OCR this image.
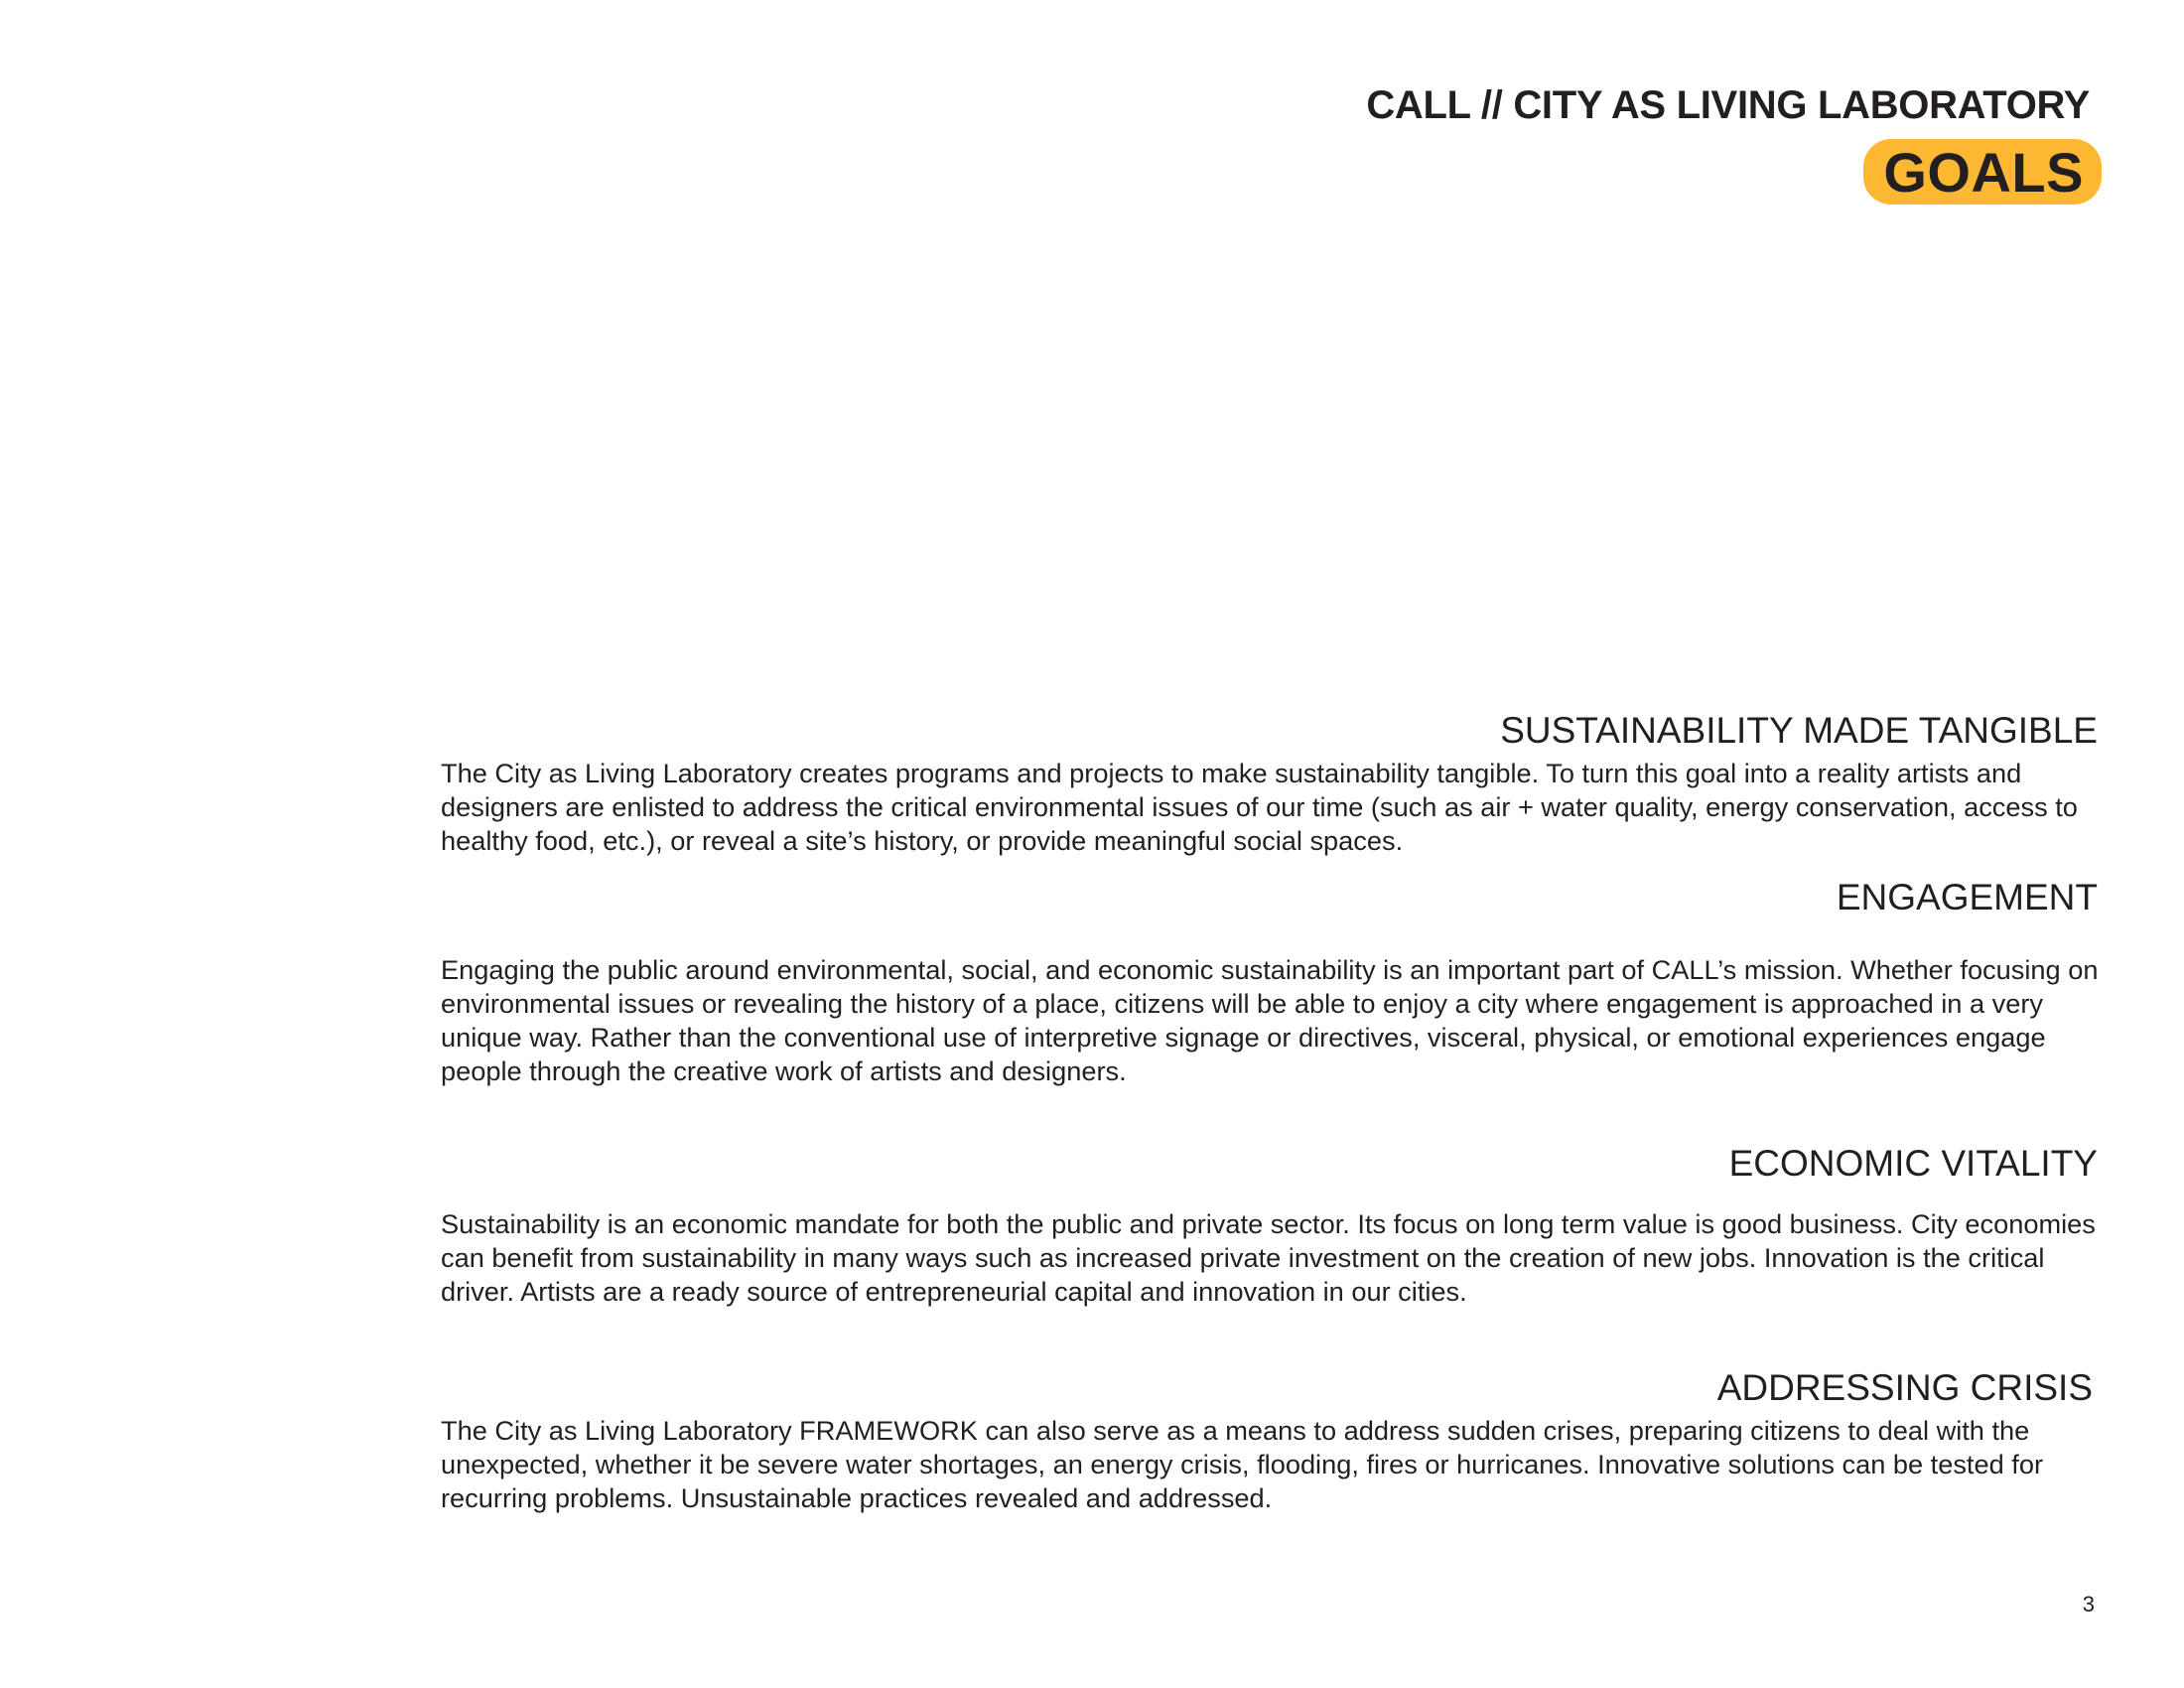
CALL // CITY AS LIVING LABORATORY
GOALS
SUSTAINABILITY MADE TANGIBLE

The City as Living Laboratory creates programs and projects to make sustainability tangible. To turn this goal into a reality artists and designers are enlisted to address the critical environmental issues of our time (such as air + water quality, energy conservation, access to healthy food, etc.), or reveal a site’s history, or provide meaningful social spaces.

ENGAGEMENT

Engaging the public around environmental, social, and economic sustainability is an important part of CALL’s mission. Whether focusing on environmental issues or revealing the history of a place, citizens will be able to enjoy a city where engagement is approached in a very unique way. Rather than the conventional use of interpretive signage or directives, visceral, physical, or emotional experiences engage people through the creative work of artists and designers.

ECONOMIC VITALITY

Sustainability is an economic mandate for both the public and private sector. Its focus on long term value is good business. City economies can benefit from sustainability in many ways such as increased private investment on the creation of new jobs. Innovation is the critical driver. Artists are a ready source of entrepreneurial capital and innovation in our cities.

ADDRESSING CRISIS

The City as Living Laboratory FRAMEWORK can also serve as a means to address sudden crises, preparing citizens to deal with the unexpected, whether it be severe water shortages, an energy crisis, flooding, fires or hurricanes. Innovative solutions can be tested for recurring problems. Unsustainable practices revealed and addressed.

3
